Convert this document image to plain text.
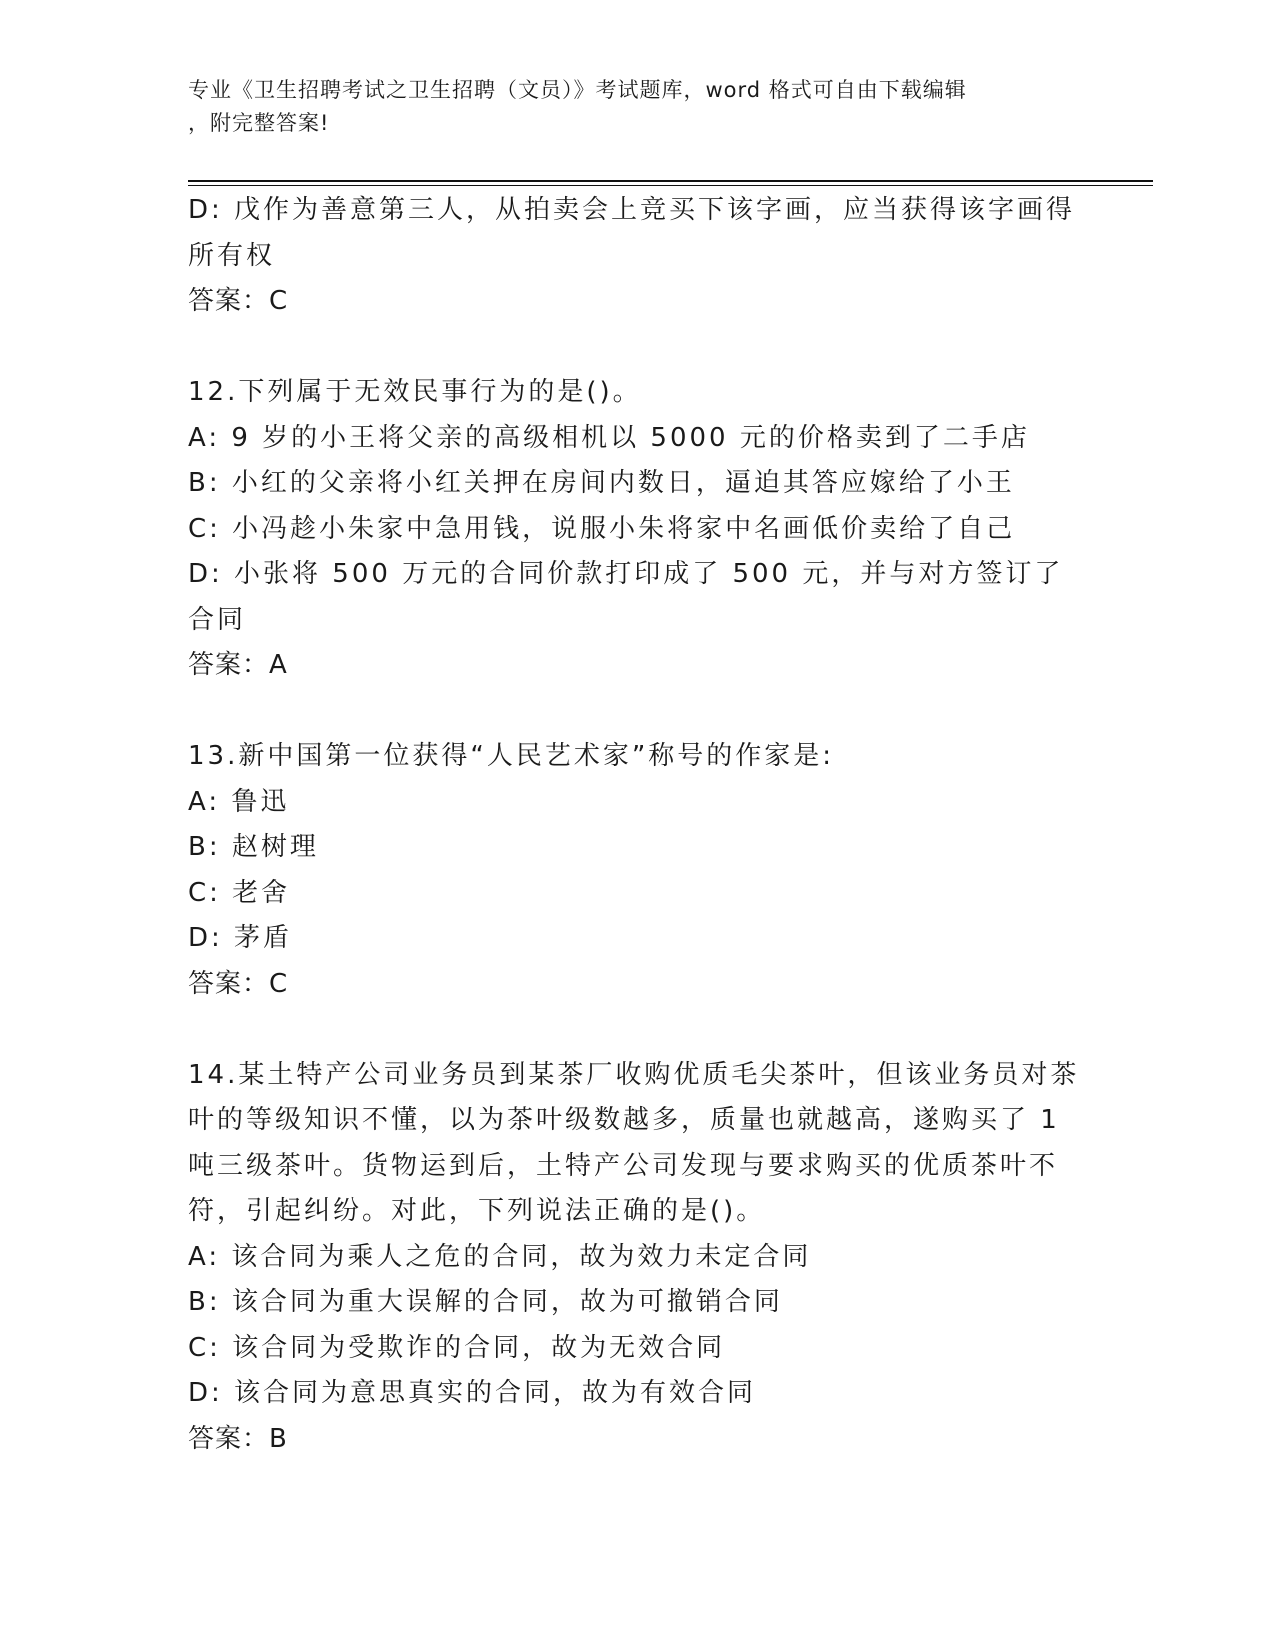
专业《卫生招聘考试之卫生招聘（文员）》考试题库，word 格式可自由下载编辑
，附完整答案!

D: 戊作为善意第三人，从拍卖会上竞买下该字画，应当获得该字画得

所有权

答案：C

12.下列属于无效民事行为的是()。

A: 9 岁的小王将父亲的高级相机以 5000 元的价格卖到了二手店

B: 小红的父亲将小红关押在房间内数日，逼迫其答应嫁给了小王

C: 小冯趁小朱家中急用钱，说服小朱将家中名画低价卖给了自己

D: 小张将 500 万元的合同价款打印成了 500 元，并与对方签订了合同

答案：A

13.新中国第一位获得“人民艺术家”称号的作家是:

A: 鲁迅

B: 赵树理

C: 老舍

D: 茅盾

答案：C

14.某土特产公司业务员到某茶厂收购优质毛尖茶叶，但该业务员对茶

叶的等级知识不懂，以为茶叶级数越多，质量也就越高，遂购买了 1

吨三级茶叶。货物运到后，土特产公司发现与要求购买的优质茶叶不

符，引起纠纷。对此，下列说法正确的是()。

A: 该合同为乘人之危的合同，故为效力未定合同

B: 该合同为重大误解的合同，故为可撤销合同

C: 该合同为受欺诈的合同，故为无效合同

D: 该合同为意思真实的合同，故为有效合同

答案：B
